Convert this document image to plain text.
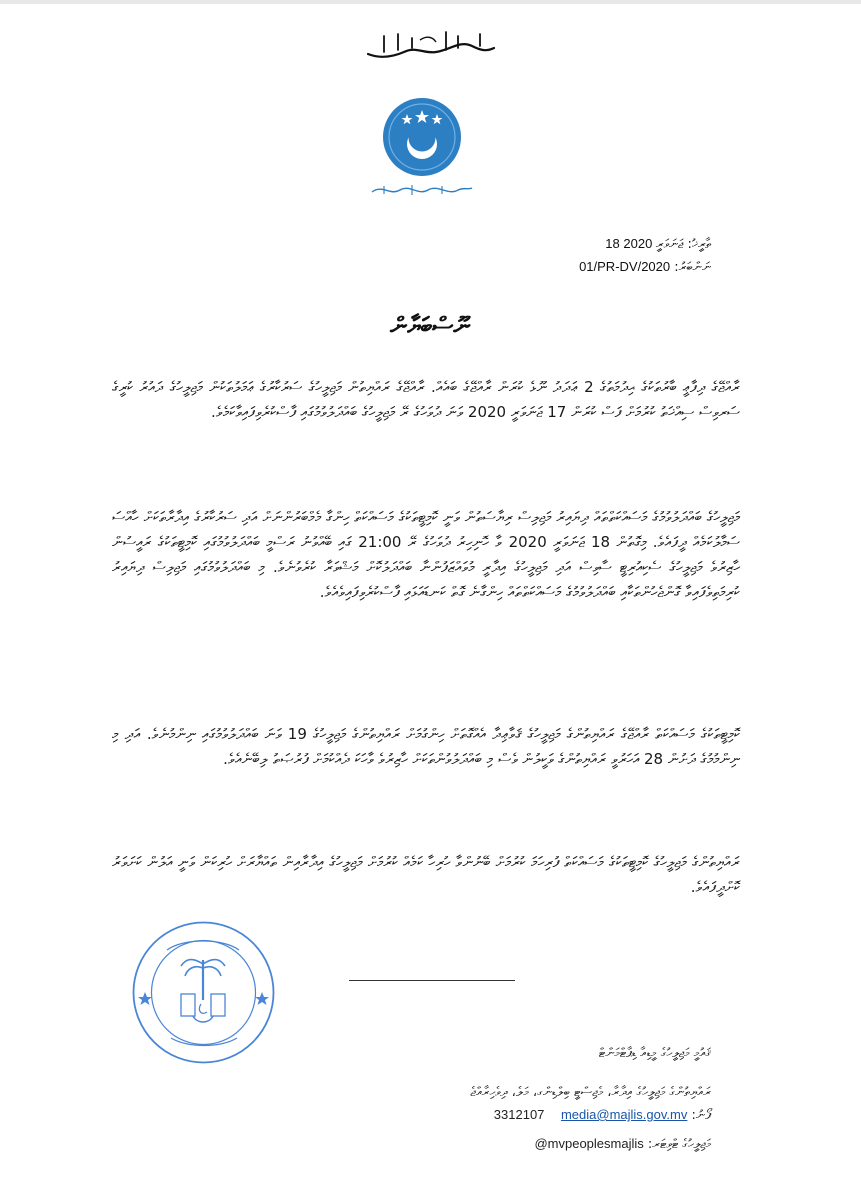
ތާރީޚު: 18 ޖަނަވަރީ 2020
ނަންބަރު: 01/PR-DV/2020
ނޫސްބަޔާން
ރާއްޖޭގެ ދިފާޢީ ބާރުތަކުގެ ޙިދުމަތުގެ 2 ޢަދަދު ނޫޅެ ކުރަން ރާއްޖޭގެ ބައެއް. ރާއްޖޭގެ ރައްޔިތުން މަޖިލީހުގެ ސަރުކާރުގެ ޢަމަލުތަކުން މަޖިލީހުގެ ދައުރު ކުރީގެ ސަރވިސް ސިއްޚަތު ކުރުމަށް ފަސް ކުރަން 17 ޖަނަވަރީ 2020 ވަނަ ދުވަހުގެ ރޭ މަޖިލީހުގެ ބައްދަލުވުމުގައި ފާސްކުރެވިފައިވާކަމެވެ.
މަޖިލީހުގެ ބައްދަލުވުމުގެ މަސައްކަތްތައް ދިޔައިރު މަޖިލިސް ރިޔާސަތުން ވަނީ ކޮމިޓީތަކުގެ މަސައްކަތް ހިންގާ މެމްބަރުންނަށް އަދި ސަރުކާރުގެ އިދާރާތަކަށް ހާއްސަ ސަމާލުކަމެއް ދީފައެވެ. މިގޮތުން 18 ޖަނަވަރީ 2020 ވާ ހޮނިހިރު ދުވަހުގެ ރޭ 21:00 ގައި ބޭއްވުނު ރަސްމީ ބައްދަލުވުމުގައި ކޮމިޓީތަކުގެ ރައީސުން ހާޒިރުވެ މަޖިލީހުގެ ސެކިއުރިޓީ ސާވިސް އަދި މަޖިލީހުގެ އިދާރީ މުވައްޒަފުންނާ ބައްދަލުކޮށް މަޝްވަރާ ކުރެވުނެވެ. މި ބައްދަލުވުމުގައި މަޖިލިސް ދިޔައިރު ކުރިމަތިވެފައިވާ ގޮންޖެހުންތަކާއި ބައްދަލުވުމުގެ މަސައްކަތްތައް ހިންގާނެ ގޮތް ކަނޑައަޅައި ފާސްކުރެވިފައިވެއެވެ.
ކޮމިޓީތަކުގެ މަސައްކަތް ރާއްޖޭގެ ރައްޔިތުންގެ މަޖިލީހުގެ ޤަވާޢިދާ އެއްގޮތަށް ހިންގުމަށް ރައްޔިތުންގެ މަޖިލީހުގެ 19 ވަނަ ބައްދަލުވުމުގައި ނިންމުނެވެ. އަދި މި ނިންމުމުގެ ދަށުން 28 އަހަރުވީ ރައްޔިތުންގެ ވަކީލުން ވެސް މި ބައްދަލުވުންތަކަށް ހާޒިރުވެ ވާހަކަ ދެއްކުމަށް ފުރުޞަތު ލިބޭނެއެވެ.
ރައްޔިތުންގެ މަޖިލީހުގެ ކޮމިޓީތަކުގެ މަސައްކަތް ފުރިހަމަ ކުރުމަށް ބޭނުންވާ ހުރިހާ ކަމެއް ކުރުމަށް މަޖިލީހުގެ އިދާރާއިން ތައްޔާރަށް ހުރިކަން ވަނީ އަލުން ކަށަވަރު ކޮށްދީފައެވެ.
ޤައުމީ މަޖިލީހުގެ މީޑިއާ ޑިޕާޓްމަންޓް
ރައްޔިތުންގެ މަޖިލީހުގެ އިދާރާ، މެޖިސްޓީ ބިލްޑިންގ، މަލެ، ދިވެހިރާއްޖެ
ފޯނު: 3312107 media@majlis.gov.mv
މަޖިލީހުގެ ޓްވިޓަރ: @mvpeoplesmajlis
